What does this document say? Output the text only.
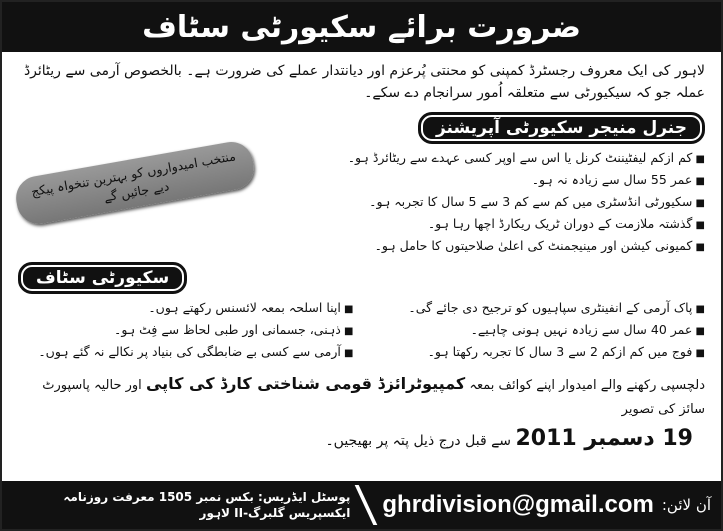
ضرورت برائے سکیورٹی سٹاف
لاہور کی ایک معروف رجسٹرڈ کمپنی کو محنتی پُرعزم اور دیانتدار عملے کی ضرورت ہے۔ بالخصوص آرمی سے ریٹائرڈ عملہ جو کہ سیکیورٹی سے متعلقہ اُمور سرانجام دے سکے۔
جنرل منیجر سکیورٹی آپریشنز
■ کم ازکم لیفٹیننٹ کرنل یا اس سے اوپر کسی عہدے سے ریٹائرڈ ہو۔
■ عمر 55 سال سے زیادہ نہ ہو۔
■ سکیورٹی انڈسٹری میں کم سے کم 3 سے 5 سال کا تجربہ ہو۔
■ گذشتہ ملازمت کے دوران ٹریک ریکارڈ اچھا رہا ہو۔
■ کمیونی کیشن اور مینیجمنٹ کی اعلیٰ صلاحیتوں کا حامل ہو۔
منتخب امیدواروں کو بہترین تنخواہ پیکج دیے جائیں گے
سکیورٹی سٹاف
■ پاک آرمی کے انفینٹری سپاہیوں کو ترجیح دی جائے گی۔
■ عمر 40 سال سے زیادہ نہیں ہونی چاہیے۔
■ فوج میں کم ازکم 2 سے 3 سال کا تجربہ رکھتا ہو۔
■ اپنا اسلحہ بمعہ لائسنس رکھتے ہوں۔
■ ذہنی، جسمانی اور طبی لحاظ سے فِٹ ہو۔
■ آرمی سے کسی بے ضابطگی کی بنیاد پر نکالے نہ گئے ہوں۔
دلچسپی رکھنے والے امیدوار اپنے کوائف بمعہ کمپیوٹرائزڈ قومی شناختی کارڈ کی کاپی اور حالیہ پاسپورٹ سائز کی تصویر
19 دسمبر 2011 سے قبل درج ذیل پتہ پر بھیجیں۔
آن لائن:
ghrdivision@gmail.com
پوسٹل ایڈریس: بکس نمبر 1505 معرفت روزنامہ ایکسپریس گلبرگ-II لاہور
